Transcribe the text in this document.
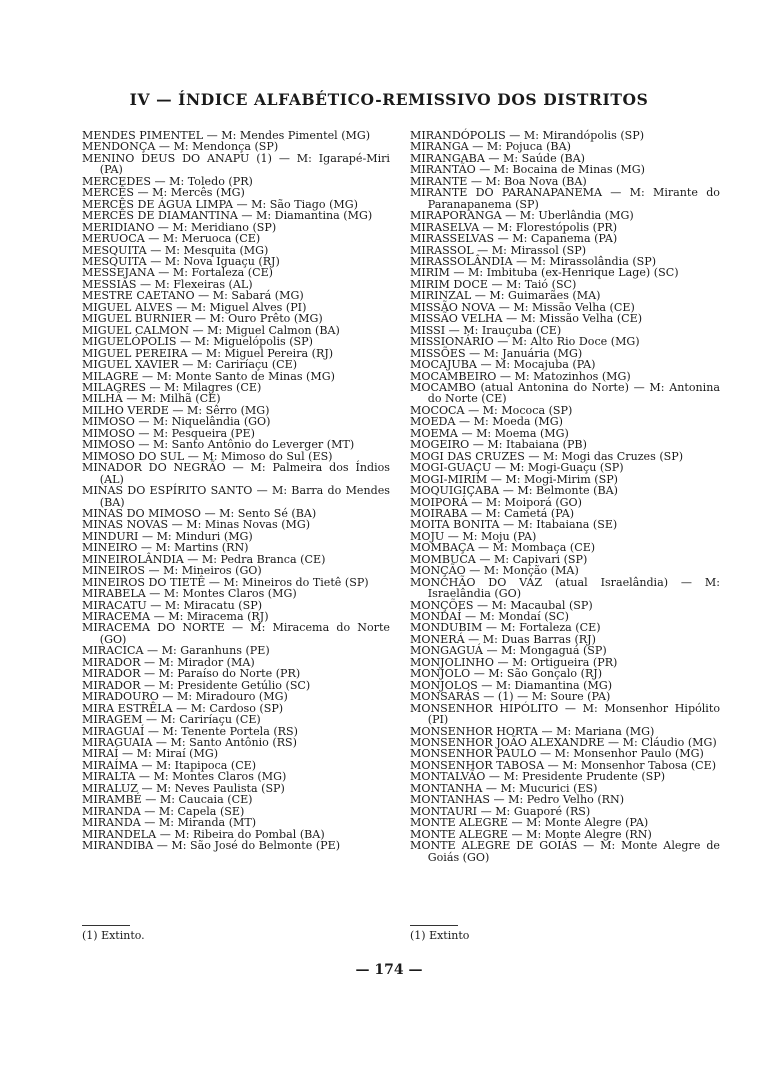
IV — ÍNDICE ALFABÉTICO-REMISSIVO DOS DISTRITOS

MENDES PIMENTEL — M: Mendes Pimentel (MG)

MENDONÇA — M: Mendonça (SP)

MENINO DEUS DO ANAPU (1) — M: Igarapé-Miri (PA)

MERCEDES — M: Toledo (PR)

MERCÊS — M: Mercês (MG)

MERCÊS DE ÁGUA LIMPA — M: São Tiago (MG)

MERCÊS DE DIAMANTINA — M: Diamantina (MG)

MERIDIANO — M: Meridiano (SP)

MERUOCA — M: Meruoca (CE)

MESQUITA — M: Mesquita (MG)

MESQUITA — M: Nova Iguaçu (RJ)

MESSEJANA — M: Fortaleza (CE)

MESSIAS — M: Flexeiras (AL)

MESTRE CAETANO — M: Sabará (MG)

MIGUEL ALVES — M: Miguel Alves (PI)

MIGUEL BURNIER — M: Ouro Prêto (MG)

MIGUEL CALMON — M: Miguel Calmon (BA)

MIGUELÓPOLIS — M: Miguelópolis (SP)

MIGUEL PEREIRA — M: Miguel Pereira (RJ)

MIGUEL XAVIER — M: Cariríaçu (CE)

MILAGRE — M: Monte Santo de Minas (MG)

MILAGRES — M: Milagres (CE)

MILHÃ — M: Milhã (CE)

MILHO VERDE — M: Sêrro (MG)

MIMOSO — M: Niquelândia (GO)

MIMOSO — M: Pesqueira (PE)

MIMOSO — M: Santo Antônio do Leverger (MT)

MIMOSO DO SUL — M: Mimoso do Sul (ES)

MINADOR DO NEGRÃO — M: Palmeira dos Índios (AL)

MINAS DO ESPÍRITO SANTO — M: Barra do Mendes (BA)

MINAS DO MIMOSO — M: Sento Sé (BA)

MINAS NOVAS — M: Minas Novas (MG)

MINDURI — M: Minduri (MG)

MINEIRO — M: Martins (RN)

MINEIROLÂNDIA — M: Pedra Branca (CE)

MINEIROS — M: Mineiros (GO)

MINEIROS DO TIETÊ — M: Mineiros do Tietê (SP)

MIRABELA — M: Montes Claros (MG)

MIRACATU — M: Miracatu (SP)

MIRACEMA — M: Miracema (RJ)

MIRACEMA DO NORTE — M: Miracema do Norte (GO)

MIRACICA — M: Garanhuns (PE)

MIRADOR — M: Mirador (MA)

MIRADOR — M: Paraíso do Norte (PR)

MIRADOR — M: Presidente Getúlio (SC)

MIRADOURO — M: Miradouro (MG)

MIRA ESTRÊLA — M: Cardoso (SP)

MIRAGEM — M: Cariríaçu (CE)

MIRAGUAÍ — M: Tenente Portela (RS)

MIRAGUAIA — M: Santo Antônio (RS)

MIRAÍ — M: Miraí (MG)

MIRAÍMA — M: Itapipoca (CE)

MIRALTA — M: Montes Claros (MG)

MIRALUZ — M: Neves Paulista (SP)

MIRAMBÉ — M: Caucaia (CE)

MIRANDA — M: Capela (SE)

MIRANDA — M: Miranda (MT)

MIRANDELA — M: Ribeira do Pombal (BA)

MIRANDIBA — M: São José do Belmonte (PE)

MIRANDÓPOLIS — M: Mirandópolis (SP)

MIRANGA — M: Pojuca (BA)

MIRANGABA — M: Saúde (BA)

MIRANTÃO — M: Bocaina de Minas (MG)

MIRANTE — M: Boa Nova (BA)

MIRANTE DO PARANAPANEMA — M: Mirante do Paranapanema (SP)

MIRAPORANGA — M: Uberlândia (MG)

MIRASELVA — M: Florestópolis (PR)

MIRASSELVAS — M: Capanema (PA)

MIRASSOL — M: Mirassol (SP)

MIRASSOLÂNDIA — M: Mirassolândia (SP)

MIRIM — M: Imbituba (ex-Henrique Lage) (SC)

MIRIM DOCE — M: Taió (SC)

MIRINZAL — M: Guimarães (MA)

MISSÃO NOVA — M: Missão Velha (CE)

MISSÃO VELHA — M: Missão Velha (CE)

MISSI — M: Irauçuba (CE)

MISSIONÁRIO — M: Alto Rio Doce (MG)

MISSÕES — M: Januária (MG)

MOCAJUBA — M: Mocajuba (PA)

MOCAMBEIRO — M: Matozinhos (MG)

MOCAMBO (atual Antonina do Norte) — M: Antonina do Norte (CE)

MOCOCA — M: Mococa (SP)

MOEDA — M: Moeda (MG)

MOEMA — M: Moema (MG)

MOGEIRO — M: Itabaiana (PB)

MOGI DAS CRUZES — M: Mogi das Cruzes (SP)

MOGI-GUAÇU — M: Mogi-Guaçu (SP)

MOGI-MIRIM — M: Mogi-Mirim (SP)

MOQUIGIÇABA — M: Belmonte (BA)

MOIPORÁ — M: Moiporá (GO)

MOIRABA — M: Cametá (PA)

MOITA BONITA — M: Itabaiana (SE)

MOJU — M: Moju (PA)

MOMBAÇA — M: Mombaça (CE)

MOMBUCA — M: Capivari (SP)

MONÇÃO — M: Monção (MA)

MONCHÃO DO VAZ (atual Israelândia) — M: Israelândia (GO)

MONÇÕES — M: Macaubal (SP)

MONDAÍ — M: Mondaí (SC)

MONDUBIM — M: Fortaleza (CE)

MONERÁ — M: Duas Barras (RJ)

MONGAGUÁ — M: Mongaguá (SP)

MONJOLINHO — M: Ortigueira (PR)

MONJOLO — M: São Gonçalo (RJ)

MONJOLOS — M: Diamantina (MG)

MONSARÁS — (1) — M: Soure (PA)

MONSENHOR HIPÓLITO — M: Monsenhor Hipólito (PI)

MONSENHOR HORTA — M: Mariana (MG)

MONSENHOR JOÃO ALEXANDRE — M: Cláudio (MG)

MONSENHOR PAULO — M: Monsenhor Paulo (MG)

MONSENHOR TABOSA — M: Monsenhor Tabosa (CE)

MONTALVÃO — M: Presidente Prudente (SP)

MONTANHA — M: Mucurici (ES)

MONTANHAS — M: Pedro Velho (RN)

MONTAURI — M: Guaporé (RS)

MONTE ALEGRE — M: Monte Alegre (PA)

MONTE ALEGRE — M: Monte Alegre (RN)

MONTE ALEGRE DE GOIÁS — M: Monte Alegre de Goiás (GO)

(1) Extinto.	(1) Extinto
— 174 —
